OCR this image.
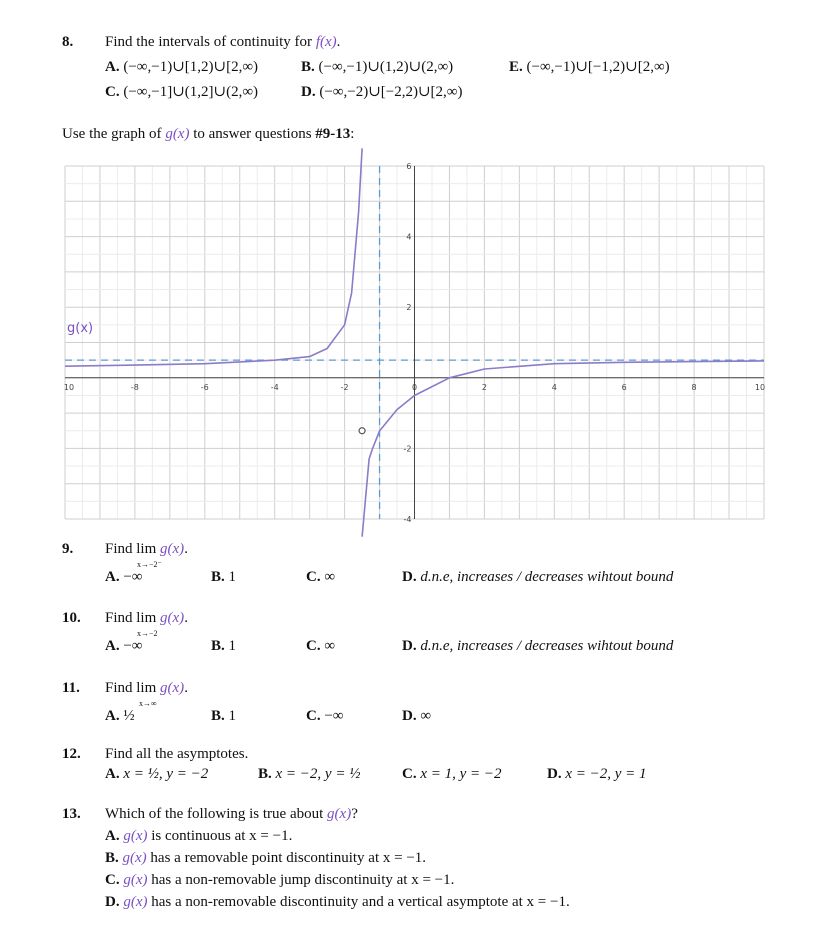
8. Find the intervals of continuity for f(x).
A. (−∞,−1)∪[1,2)∪[2,∞)	B. (−∞,−1)∪(1,2)∪(2,∞)	E. (−∞,−1)∪[−1,2)∪[2,∞)
C. (−∞,−1]∪(1,2]∪(2,∞)	D. (−∞,−2)∪[−2,2)∪[2,∞)
Use the graph of g(x) to answer questions #9-13:
10	-8	-6	-4	-2	0	2	4	6	8	10
6
4
2
-2
-4
g(x)
9. Find lim g(x).
x→−2⁻
A. −∞	B. 1	C. ∞	D. d.n.e, increases / decreases wihtout bound
10. Find lim g(x).
x→−2
A. −∞	B. 1	C. ∞	D. d.n.e, increases / decreases wihtout bound
11. Find lim g(x).
x→∞
A. ½	B. 1	C. −∞	D. ∞
12. Find all the asymptotes.
A. x = ½, y = −2	B. x = −2, y = ½	C. x = 1, y = −2	D. x = −2, y = 1
13. Which of the following is true about g(x)?
A. g(x) is continuous at x = −1.
B. g(x) has a removable point discontinuity at x = −1.
C. g(x) has a non-removable jump discontinuity at x = −1.
D. g(x) has a non-removable discontinuity and a vertical asymptote at x = −1.
